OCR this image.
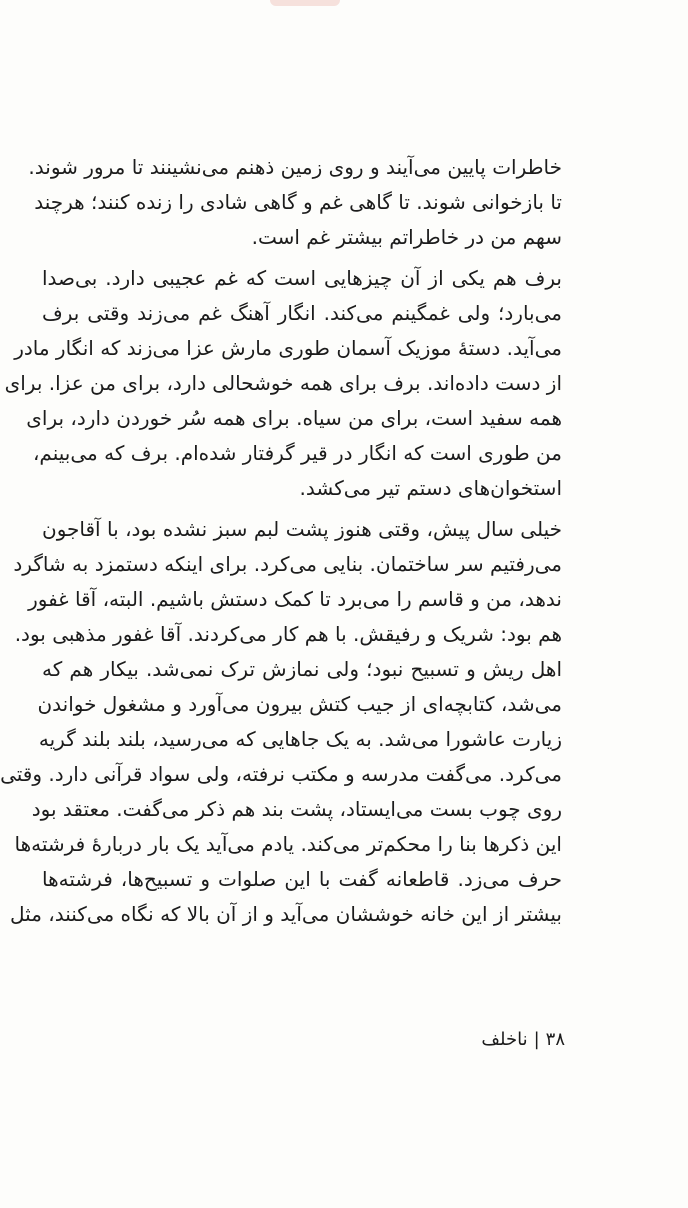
خاطرات پایین می‌آیند و روی زمین ذهنم می‌نشینند تا مرور شوند.
تا بازخوانی شوند. تا گاهی غم و گاهی شادی را زنده کنند؛ هرچند
سهم من در خاطراتم بیشتر غم است.
برف هم یکی از آن چیزهایی است که غم عجیبی دارد. بی‌صدا
می‌بارد؛ ولی غمگینم می‌کند. انگار آهنگ غم می‌زند وقتی برف
می‌آید. دستهٔ موزیک آسمان طوری مارش عزا می‌زند که انگار مادر
از دست داده‌اند. برف برای همه خوشحالی دارد، برای من عزا. برای
همه سفید است، برای من سیاه. برای همه سُر خوردن دارد، برای
من طوری است که انگار در قیر گرفتار شده‌ام. برف که می‌بینم،
استخوان‌های دستم تیر می‌کشد.
خیلی سال پیش، وقتی هنوز پشت لبم سبز نشده بود، با آقاجون
می‌رفتیم سر ساختمان. بنایی می‌کرد. برای اینکه دستمزد به شاگرد
ندهد، من و قاسم را می‌برد تا کمک دستش باشیم. البته، آقا غفور
هم بود: شریک و رفیقش. با هم کار می‌کردند. آقا غفور مذهبی بود.
اهل ریش و تسبیح نبود؛ ولی نمازش ترک نمی‌شد. بیکار هم که
می‌شد، کتابچه‌ای از جیب کتش بیرون می‌آورد و مشغول خواندن
زیارت عاشورا می‌شد. به یک جاهایی که می‌رسید، بلند بلند گریه
می‌کرد. می‌گفت مدرسه و مکتب نرفته، ولی سواد قرآنی دارد. وقتی
روی چوب بست می‌ایستاد، پشت بند هم ذکر می‌گفت. معتقد بود
این ذکرها بنا را محکم‌تر می‌کند. یادم می‌آید یک بار دربارهٔ فرشته‌ها
حرف می‌زد. قاطعانه گفت با این صلوات و تسبیح‌ها، فرشته‌ها
بیشتر از این خانه خوششان می‌آید و از آن بالا که نگاه می‌کنند، مثل
۳۸|ناخلف
